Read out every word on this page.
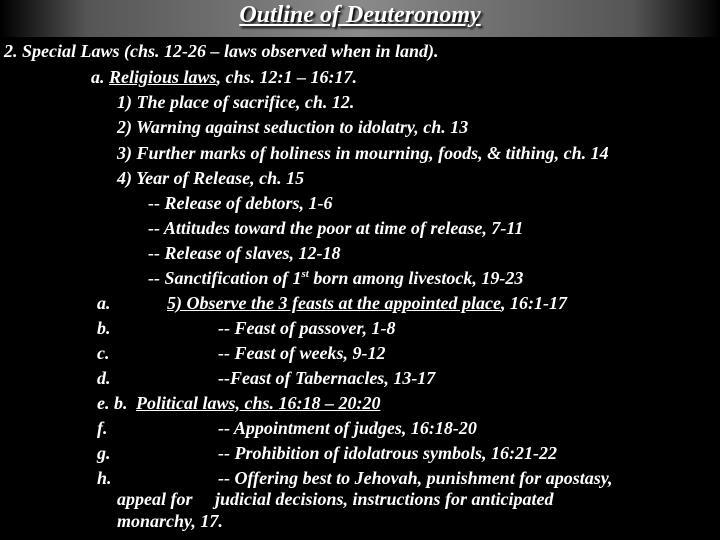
Outline of Deuteronomy
2. Special Laws (chs. 12-26 – laws observed when in land).
a. Religious laws, chs. 12:1 – 16:17.
1) The place of sacrifice, ch. 12.
2) Warning against seduction to idolatry, ch. 13
3) Further marks of holiness in mourning, foods, & tithing, ch. 14
4) Year of Release, ch. 15
-- Release of debtors, 1-6
-- Attitudes toward the poor at time of release, 7-11
-- Release of slaves, 12-18
-- Sanctification of 1st born among livestock, 19-23
a.	5) Observe the 3 feasts at the appointed place, 16:1-17
b.	-- Feast of passover, 1-8
c.	-- Feast of weeks, 9-12
d.	--Feast of Tabernacles, 13-17
e. b. Political laws, chs. 16:18 – 20:20
f.	-- Appointment of judges, 16:18-20
g.	-- Prohibition of idolatrous symbols, 16:21-22
h.	-- Offering best to Jehovah, punishment for apostasy,
appeal for     judicial decisions, instructions for anticipated
monarchy, 17.
